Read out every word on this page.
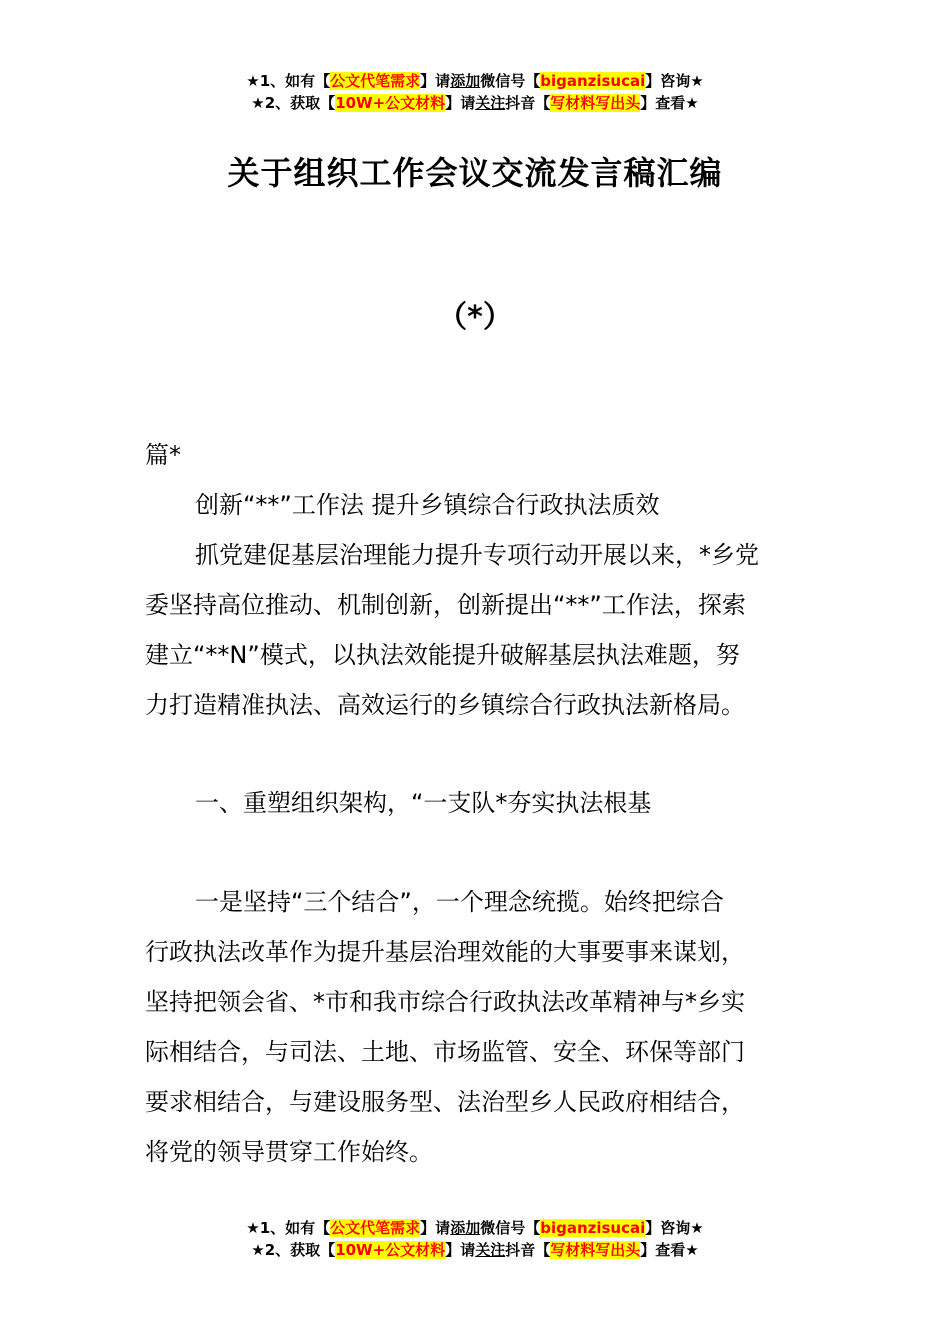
★1、如有【公文代笔需求】请添加微信号【biganzisucai】咨询★
★2、获取【10W+公文材料】请关注抖音【写材料写出头】查看★
关于组织工作会议交流发言稿汇编
（*）
篇*
创新“**”工作法 提升乡镇综合行政执法质效
抓党建促基层治理能力提升专项行动开展以来，*乡党
委坚持高位推动、机制创新，创新提出“**”工作法，探索
建立“**N”模式，以执法效能提升破解基层执法难题，努
力打造精准执法、高效运行的乡镇综合行政执法新格局。
一、重塑组织架构，“一支队*夯实执法根基
一是坚持“三个结合”，一个理念统揽。始终把综合
行政执法改革作为提升基层治理效能的大事要事来谋划，
坚持把领会省、*市和我市综合行政执法改革精神与*乡实
际相结合，与司法、土地、市场监管、安全、环保等部门
要求相结合，与建设服务型、法治型乡人民政府相结合，
将党的领导贯穿工作始终。
★1、如有【公文代笔需求】请添加微信号【biganzisucai】咨询★
★2、获取【10W+公文材料】请关注抖音【写材料写出头】查看★
